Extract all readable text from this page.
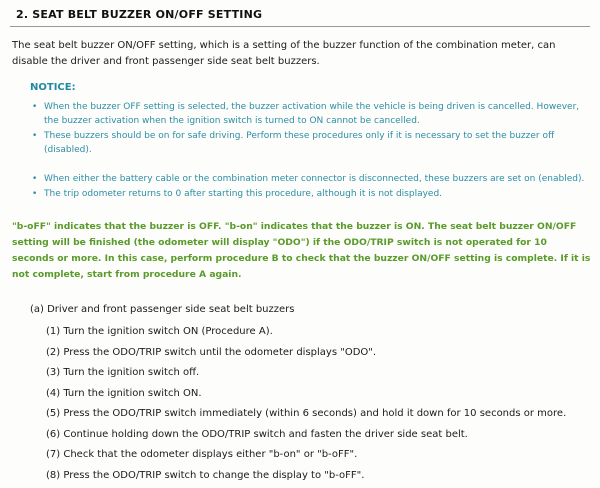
2. SEAT BELT BUZZER ON/OFF SETTING
The seat belt buzzer ON/OFF setting, which is a setting of the buzzer function of the combination meter, can disable the driver and front passenger side seat belt buzzers.
NOTICE:
• When the buzzer OFF setting is selected, the buzzer activation while the vehicle is being driven is cancelled. However, the buzzer activation when the ignition switch is turned to ON cannot be cancelled.
• These buzzers should be on for safe driving. Perform these procedures only if it is necessary to set the buzzer off (disabled).
• When either the battery cable or the combination meter connector is disconnected, these buzzers are set on (enabled).
• The trip odometer returns to 0 after starting this procedure, although it is not displayed.
"b-oFF" indicates that the buzzer is OFF. "b-on" indicates that the buzzer is ON. The seat belt buzzer ON/OFF setting will be finished (the odometer will display "ODO") if the ODO/TRIP switch is not operated for 10 seconds or more. In this case, perform procedure B to check that the buzzer ON/OFF setting is complete. If it is not complete, start from procedure A again.
(a) Driver and front passenger side seat belt buzzers
(1) Turn the ignition switch ON (Procedure A).
(2) Press the ODO/TRIP switch until the odometer displays "ODO".
(3) Turn the ignition switch off.
(4) Turn the ignition switch ON.
(5) Press the ODO/TRIP switch immediately (within 6 seconds) and hold it down for 10 seconds or more.
(6) Continue holding down the ODO/TRIP switch and fasten the driver side seat belt.
(7) Check that the odometer displays either "b-on" or "b-oFF".
(8) Press the ODO/TRIP switch to change the display to "b-oFF".
